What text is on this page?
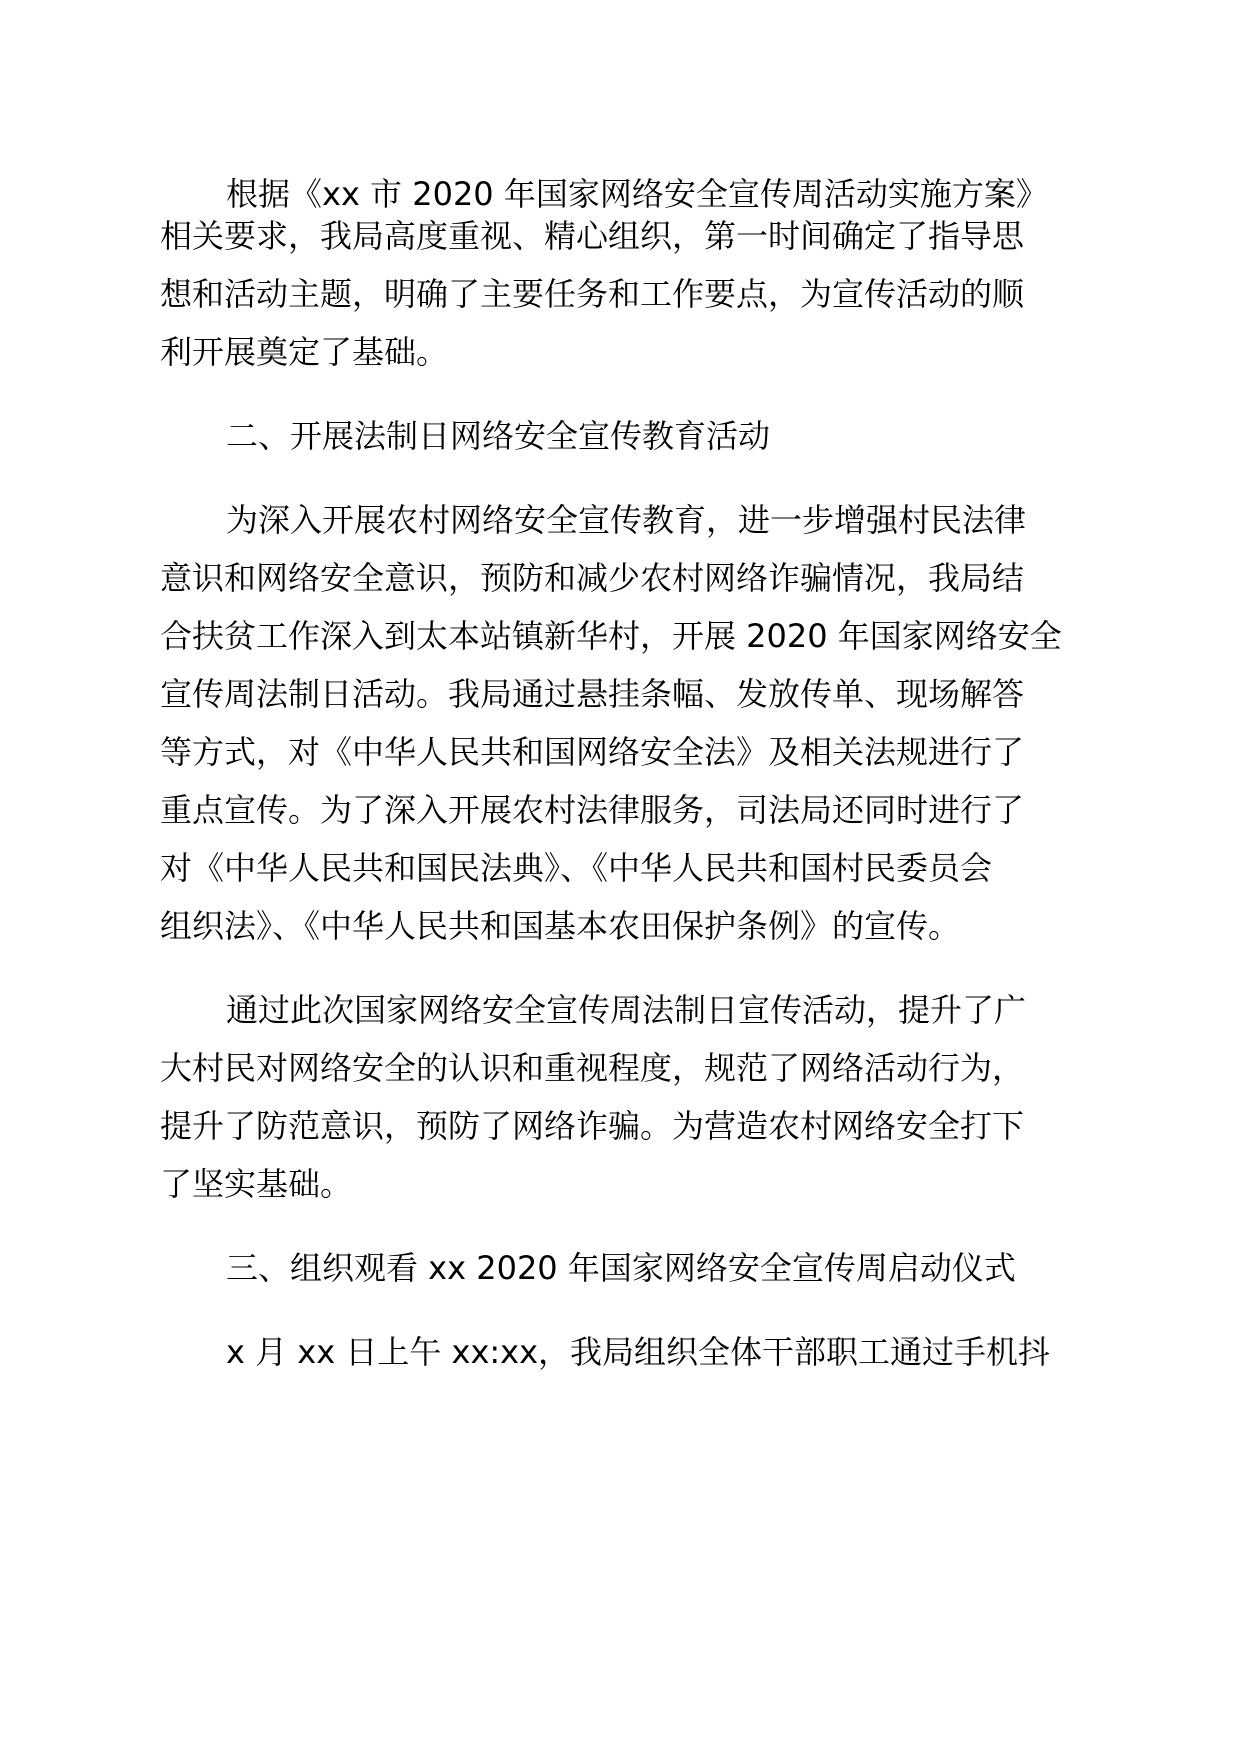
根据《xx 市 2020 年国家网络安全宣传周活动实施方案》
相关要求，我局高度重视、精心组织，第一时间确定了指导思
想和活动主题，明确了主要任务和工作要点，为宣传活动的顺
利开展奠定了基础。
二、开展法制日网络安全宣传教育活动
为深入开展农村网络安全宣传教育，进一步增强村民法律
意识和网络安全意识，预防和减少农村网络诈骗情况，我局结
合扶贫工作深入到太本站镇新华村，开展 2020 年国家网络安全
宣传周法制日活动。我局通过悬挂条幅、发放传单、现场解答
等方式，对《中华人民共和国网络安全法》及相关法规进行了
重点宣传。为了深入开展农村法律服务，司法局还同时进行了
对《中华人民共和国民法典》、《中华人民共和国村民委员会
组织法》、《中华人民共和国基本农田保护条例》的宣传。
通过此次国家网络安全宣传周法制日宣传活动，提升了广
大村民对网络安全的认识和重视程度，规范了网络活动行为，
提升了防范意识，预防了网络诈骗。为营造农村网络安全打下
了坚实基础。
三、组织观看 xx 2020 年国家网络安全宣传周启动仪式
x 月 xx 日上午 xx:xx，我局组织全体干部职工通过手机抖
